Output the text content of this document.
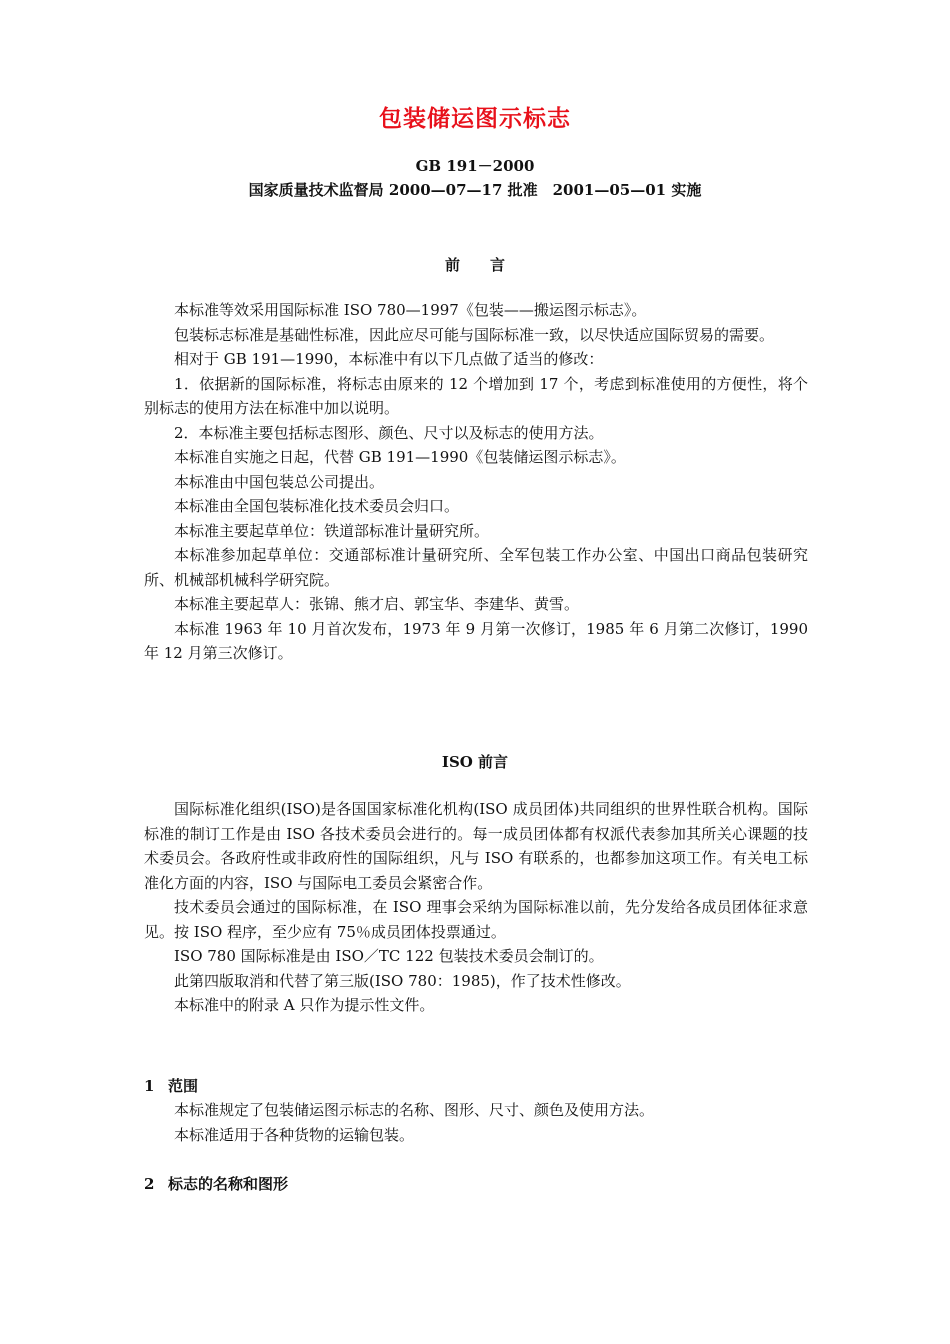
包装储运图示标志
GB 191－2000
国家质量技术监督局 2000—07—17 批准　2001—05—01 实施
前　　言

本标准等效采用国际标准 ISO 780—1997《包装——搬运图示标志》。

包装标志标准是基础性标准，因此应尽可能与国际标准一致，以尽快适应国际贸易的需要。

相对于 GB 191—1990，本标准中有以下几点做了适当的修改：

1．依据新的国际标准，将标志由原来的 12 个增加到 17 个，考虑到标准使用的方便性，将个别标志的使用方法在标准中加以说明。

2．本标准主要包括标志图形、颜色、尺寸以及标志的使用方法。

本标准自实施之日起，代替 GB 191—1990《包装储运图示标志》。

本标准由中国包装总公司提出。

本标准由全国包装标准化技术委员会归口。

本标准主要起草单位：铁道部标准计量研究所。

本标准参加起草单位：交通部标准计量研究所、全军包装工作办公室、中国出口商品包装研究所、机械部机械科学研究院。

本标准主要起草人：张锦、熊才启、郭宝华、李建华、黄雪。

本标准 1963 年 10 月首次发布，1973 年 9 月第一次修订，1985 年 6 月第二次修订，1990 年 12 月第三次修订。

ISO 前言

国际标准化组织(ISO)是各国国家标准化机构(ISO 成员团体)共同组织的世界性联合机构。国际标准的制订工作是由 ISO 各技术委员会进行的。每一成员团体都有权派代表参加其所关心课题的技术委员会。各政府性或非政府性的国际组织，凡与 ISO 有联系的，也都参加这项工作。有关电工标准化方面的内容，ISO 与国际电工委员会紧密合作。

技术委员会通过的国际标准，在 ISO 理事会采纳为国际标准以前，先分发给各成员团体征求意见。按 ISO 程序，至少应有 75％成员团体投票通过。

ISO 780 国际标准是由 ISO／TC 122 包装技术委员会制订的。

此第四版取消和代替了第三版(ISO 780：1985)，作了技术性修改。

本标准中的附录 A 只作为提示性文件。

1 范围

本标准规定了包装储运图示标志的名称、图形、尺寸、颜色及使用方法。

本标准适用于各种货物的运输包装。

2 标志的名称和图形
